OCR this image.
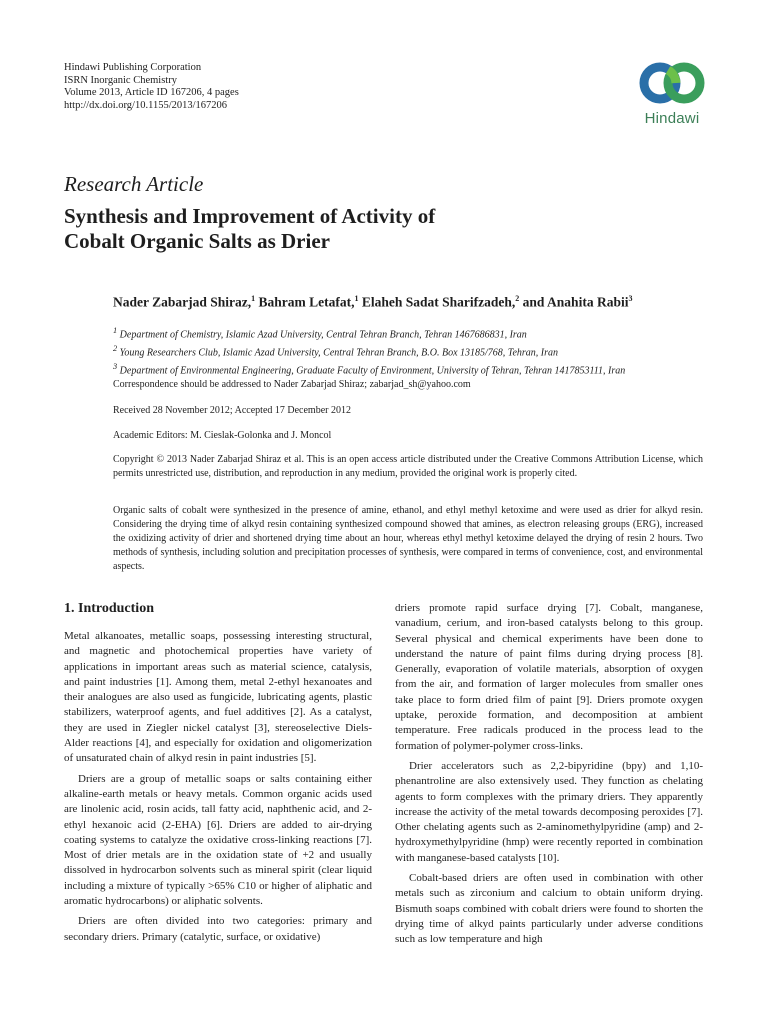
Hindawi Publishing Corporation
ISRN Inorganic Chemistry
Volume 2013, Article ID 167206, 4 pages
http://dx.doi.org/10.1155/2013/167206
Hindawi
Research Article
Synthesis and Improvement of Activity of
Cobalt Organic Salts as Drier
Nader Zabarjad Shiraz,$^1$ Bahram Letafat,$^1$ Elaheh Sadat Sharifzadeh,$^2$ and Anahita Rabii$^3$
$^1$ Department of Chemistry, Islamic Azad University, Central Tehran Branch, Tehran 1467686831, Iran
$^2$ Young Researchers Club, Islamic Azad University, Central Tehran Branch, B.O. Box 13185/768, Tehran, Iran
$^3$ Department of Environmental Engineering, Graduate Faculty of Environment, University of Tehran, Tehran 1417853111, Iran
Correspondence should be addressed to Nader Zabarjad Shiraz; zabarjad_sh@yahoo.com
Received 28 November 2012; Accepted 17 December 2012
Academic Editors: M. Cieslak-Golonka and J. Moncol
Copyright © 2013 Nader Zabarjad Shiraz et al. This is an open access article distributed under the Creative Commons Attribution License, which permits unrestricted use, distribution, and reproduction in any medium, provided the original work is properly cited.
Organic salts of cobalt were synthesized in the presence of amine, ethanol, and ethyl methyl ketoxime and were used as drier for alkyd resin. Considering the drying time of alkyd resin containing synthesized compound showed that amines, as electron releasing groups (ERG), increased the oxidizing activity of drier and shortened drying time about an hour, whereas ethyl methyl ketoxime delayed the drying of resin 2 hours. Two methods of synthesis, including solution and precipitation processes of synthesis, were compared in terms of convenience, cost, and environmental aspects.
1. Introduction

Metal alkanoates, metallic soaps, possessing interesting structural, and magnetic and photochemical properties have variety of applications in important areas such as material science, catalysis, and paint industries [1]. Among them, metal 2-ethyl hexanoates and their analogues are also used as fungicide, lubricating agents, plastic stabilizers, waterproof agents, and fuel additives [2]. As a catalyst, they are used in Ziegler nickel catalyst [3], stereoselective Diels-Alder reactions [4], and especially for oxidation and oligomerization of unsaturated chain of alkyd resin in paint industries [5].

Driers are a group of metallic soaps or salts containing either alkaline-earth metals or heavy metals. Common organic acids used are linolenic acid, rosin acids, tall fatty acid, naphthenic acid, and 2-ethyl hexanoic acid (2-EHA) [6]. Driers are added to air-drying coating systems to catalyze the oxidative cross-linking reactions [7]. Most of drier metals are in the oxidation state of +2 and usually dissolved in hydrocarbon solvents such as mineral spirit (clear liquid including a mixture of typically >65% C10 or higher of aliphatic and aromatic hydrocarbons) or aliphatic solvents.

Driers are often divided into two categories: primary and secondary driers. Primary (catalytic, surface, or oxidative)

driers promote rapid surface drying [7]. Cobalt, manganese, vanadium, cerium, and iron-based catalysts belong to this group. Several physical and chemical experiments have been done to understand the nature of paint films during drying process [8]. Generally, evaporation of volatile materials, absorption of oxygen from the air, and formation of larger molecules from smaller ones take place to form dried film of paint [9]. Driers promote oxygen uptake, peroxide formation, and decomposition at ambient temperature. Free radicals produced in the process lead to the formation of polymer-polymer cross-links.

Drier accelerators such as 2,2-bipyridine (bpy) and 1,10-phenantroline are also extensively used. They function as chelating agents to form complexes with the primary driers. They apparently increase the activity of the metal towards decomposing peroxides [7]. Other chelating agents such as 2-aminomethylpyridine (amp) and 2-hydroxymethylpyridine (hmp) were recently reported in combination with manganese-based catalysts [10].

Cobalt-based driers are often used in combination with other metals such as zirconium and calcium to obtain uniform drying. Bismuth soaps combined with cobalt driers were found to shorten the drying time of alkyd paints particularly under adverse conditions such as low temperature and high
